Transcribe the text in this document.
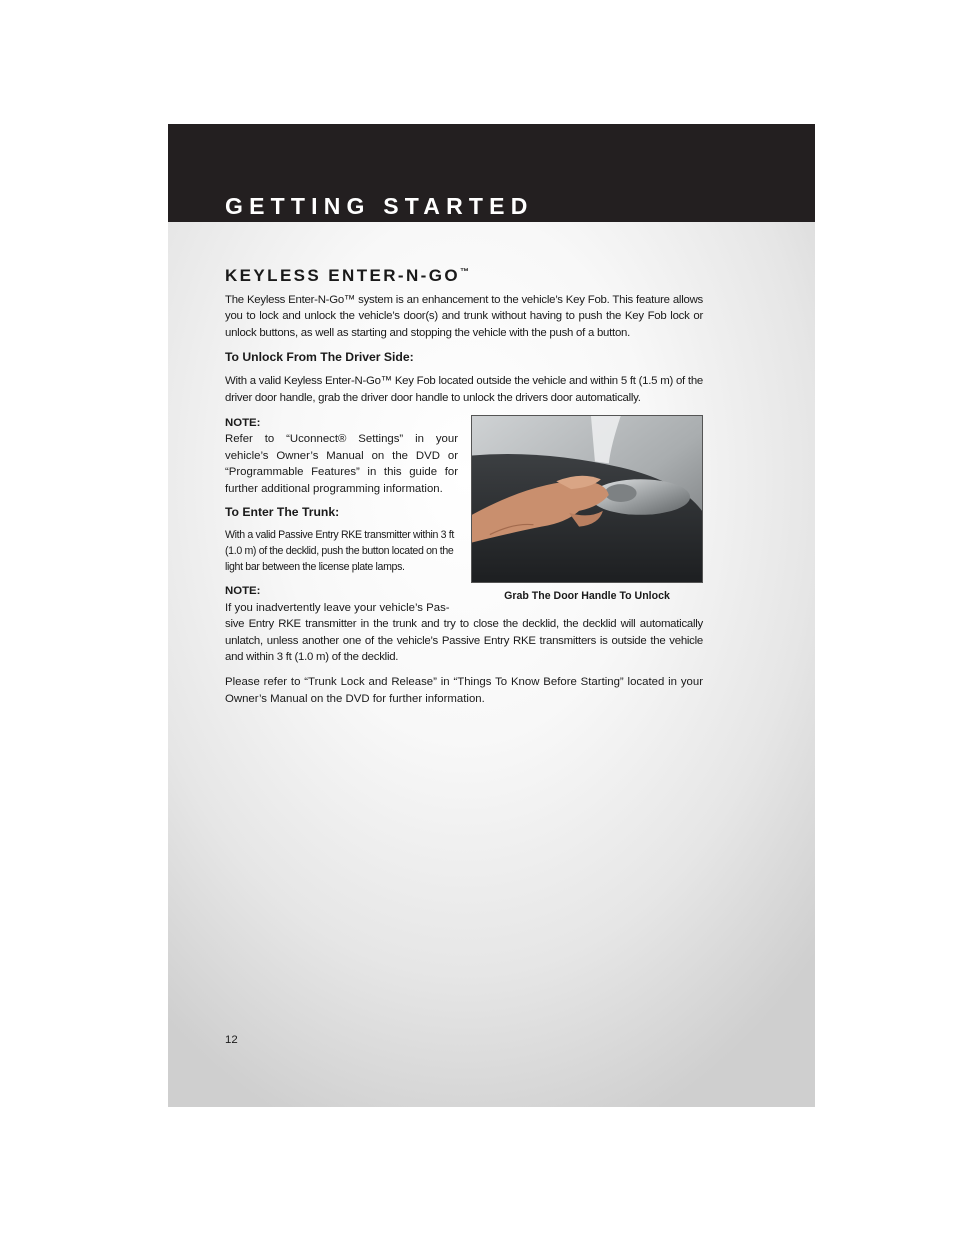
GETTING STARTED
KEYLESS ENTER-N-GO™

The Keyless Enter-N-Go™ system is an enhancement to the vehicle’s Key Fob. This feature allows you to lock and unlock the vehicle’s door(s) and trunk without having to push the Key Fob lock or unlock buttons, as well as starting and stopping the vehicle with the push of a button.

To Unlock From The Driver Side:

With a valid Keyless Enter-N-Go™ Key Fob located outside the vehicle and within 5 ft (1.5 m) of the driver door handle, grab the driver door handle to unlock the drivers door automatically.

Grab The Door Handle To Unlock
NOTE:

Refer to “Uconnect® Settings” in your vehicle’s Owner’s Manual on the DVD or “Programmable Features” in this guide for further additional programming information.

To Enter The Trunk:

With a valid Passive Entry RKE transmitter within 3 ft (1.0 m) of the decklid, push the button located on the light bar between the license plate lamps.

NOTE:
If you inadvertently leave your vehicle’s Pas-

sive Entry RKE transmitter in the trunk and try to close the decklid, the decklid will automatically unlatch, unless another one of the vehicle’s Passive Entry RKE transmitters is outside the vehicle and within 3 ft (1.0 m) of the decklid.

Please refer to “Trunk Lock and Release” in “Things To Know Before Starting” located in your Owner’s Manual on the DVD for further information.

12
